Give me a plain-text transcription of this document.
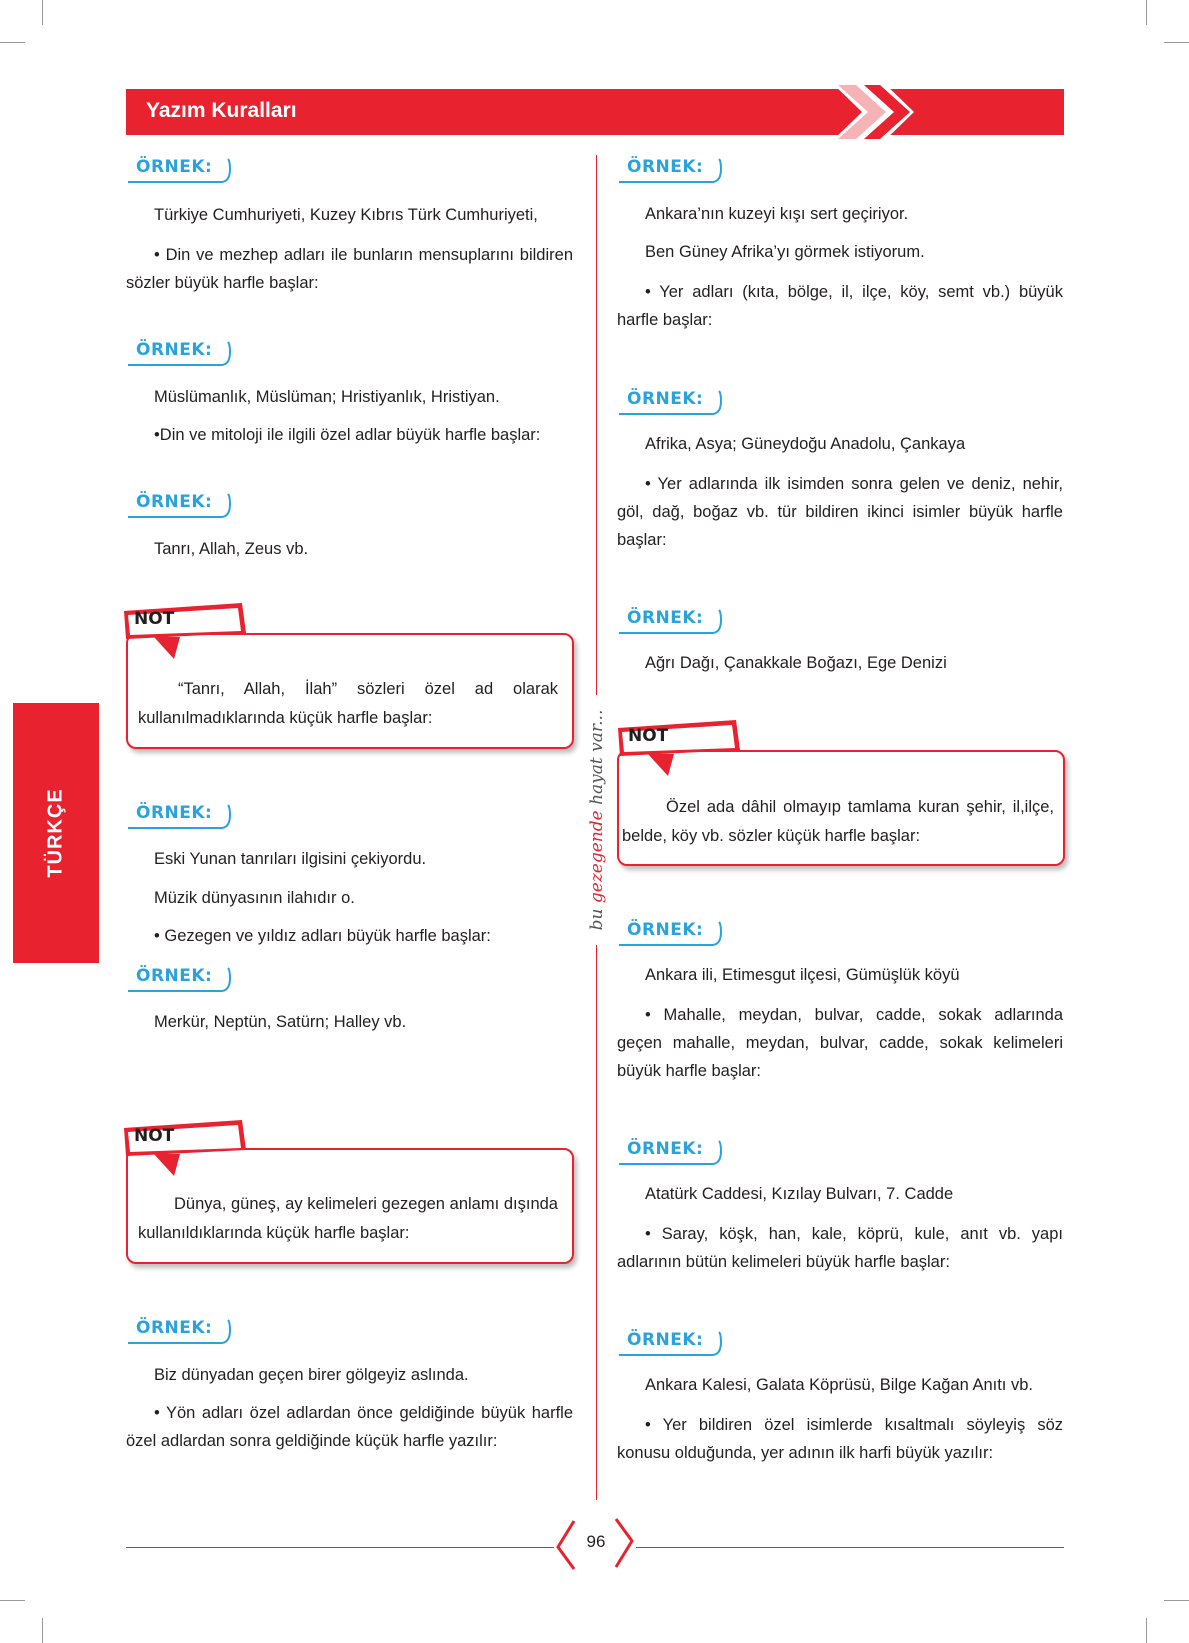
Yazım Kuralları
TÜRKÇE
bu gezegende hayat var...
ÖRNEK:

Türkiye Cumhuriyeti, Kuzey Kıbrıs Türk Cumhuriyeti,

• Din ve mezhep adları ile bunların mensuplarını bildiren sözler büyük harfle başlar:

ÖRNEK:

Müslümanlık, Müslüman; Hristiyanlık, Hristiyan.

•Din ve mitoloji ile ilgili özel adlar büyük harfle başlar:

ÖRNEK:

Tanrı, Allah, Zeus vb.

NOT

“Tanrı, Allah, İlah” sözleri özel ad olarak kullanılmadıklarında küçük harfle başlar:

ÖRNEK:

Eski Yunan tanrıları ilgisini çekiyordu.

Müzik dünyasının ilahıdır o.

• Gezegen ve yıldız adları büyük harfle başlar:

ÖRNEK:

Merkür, Neptün, Satürn; Halley vb.

NOT

Dünya, güneş, ay kelimeleri gezegen anlamı dışında kullanıldıklarında küçük harfle başlar:

ÖRNEK:

Biz dünyadan geçen birer gölgeyiz aslında.

• Yön adları özel adlardan önce geldiğinde büyük harfle özel adlardan sonra geldiğinde küçük harfle yazılır:

ÖRNEK:

Ankara’nın kuzeyi kışı sert geçiriyor.

Ben Güney Afrika’yı görmek istiyorum.

• Yer adları (kıta, bölge, il, ilçe, köy, semt vb.) büyük harfle başlar:

ÖRNEK:

Afrika, Asya; Güneydoğu Anadolu, Çankaya

• Yer adlarında ilk isimden sonra gelen ve deniz, nehir, göl, dağ, boğaz vb. tür bildiren ikinci isimler büyük harfle başlar:

ÖRNEK:

Ağrı Dağı, Çanakkale Boğazı, Ege Denizi

NOT

Özel ada dâhil olmayıp tamlama kuran şehir, il,ilçe, belde, köy vb. sözler küçük harfle başlar:

ÖRNEK:

Ankara ili, Etimesgut ilçesi, Gümüşlük köyü

• Mahalle, meydan, bulvar, cadde, sokak adlarında geçen mahalle, meydan, bulvar, cadde, sokak kelimeleri büyük harfle başlar:

ÖRNEK:

Atatürk Caddesi, Kızılay Bulvarı, 7. Cadde

• Saray, köşk, han, kale, köprü, kule, anıt vb. yapı adlarının bütün kelimeleri büyük harfle başlar:

ÖRNEK:

Ankara Kalesi, Galata Köprüsü, Bilge Kağan Anıtı vb.

• Yer bildiren özel isimlerde kısaltmalı söyleyiş söz konusu olduğunda, yer adının ilk harfi büyük yazılır:

96
